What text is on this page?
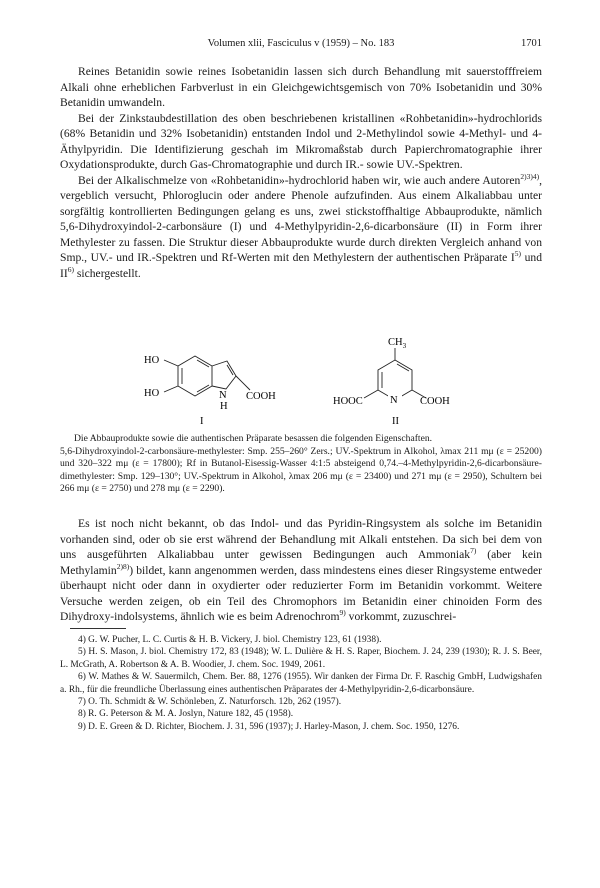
Volumen xlii, Fasciculus v (1959) – No. 183	1701

Reines Betanidin sowie reines Isobetanidin lassen sich durch Behandlung mit sauerstofffreiem Alkali ohne erheblichen Farbverlust in ein Gleichgewichtsgemisch von 70% Isobetanidin und 30% Betanidin umwandeln.

Bei der Zinkstaubdestillation des oben beschriebenen kristallinen «Rohbetanidin»-hydrochlorids (68% Betanidin und 32% Isobetanidin) entstanden Indol und 2-Methylindol sowie 4-Methyl- und 4-Äthylpyridin. Die Identifizierung geschah im Mikromaßstab durch Papierchromatographie ihrer Oxydationsprodukte, durch Gas-Chromatographie und durch IR.- sowie UV.-Spektren.

Bei der Alkalischmelze von «Rohbetanidin»-hydrochlorid haben wir, wie auch andere Autoren$^{2)3)4)}$, vergeblich versucht, Phloroglucin oder andere Phenole aufzufinden. Aus einem Alkaliabbau unter sorgfältig kontrollierten Bedingungen gelang es uns, zwei stickstoffhaltige Abbauprodukte, nämlich 5,6-Dihydroxyindol-2-carbonsäure (I) und 4-Methylpyridin-2,6-dicarbonsäure (II) in Form ihrer Methylester zu fassen. Die Struktur dieser Abbauprodukte wurde durch direkten Vergleich anhand von Smp., UV.- und IR.-Spektren und Rf-Werten mit den Methylestern der authentischen Präparate $I^{5)}$ und II$^{6)}$ sichergestellt.

HO
HO	N
H
COOH
I
N
$CH_3$
HOOC	COOH
II

Die Abbauprodukte sowie die authentischen Präparate besassen die folgenden Eigenschaften.

5,6-Dihydroxyindol-2-carbonsäure-methylester: Smp. 255–260° Zers.; UV.-Spektrum in Alkohol, λmax 211 mμ (ε = 25200) und 320–322 mμ (ε = 17800); Rf in Butanol-Eisessig-Wasser 4:1:5 absteigend 0,74.–4-Methylpyridin-2,6-dicarbonsäure-dimethylester: Smp. 129–130°; UV.-Spektrum in Alkohol, λmax 206 mμ (ε = 23400) und 271 mμ (ε = 2950), Schultern bei 266 mμ (ε = 2750) und 278 mμ (ε = 2290).

Es ist noch nicht bekannt, ob das Indol- und das Pyridin-Ringsystem als solche im Betanidin vorhanden sind, oder ob sie erst während der Behandlung mit Alkali entstehen. Da sich bei dem von uns ausgeführten Alkaliabbau unter gewissen Bedingungen auch Ammoniak$^{7)}$ (aber kein Methylamin$^{2)8)}$) bildet, kann angenommen werden, dass mindestens eines dieser Ringsysteme entweder überhaupt nicht oder dann in oxydierter oder reduzierter Form im Betanidin vorkommt. Weitere Versuche werden zeigen, ob ein Teil des Chromophors im Betanidin einer chinoiden Form des Dihydroxy-indolsystems, ähnlich wie es beim Adrenochrom$^{9)}$ vorkommt, zuzuschrei-

4) G. W. Pucher, L. C. Curtis & H. B. Vickery, J. biol. Chemistry 123, 61 (1938).

5) H. S. Mason, J. biol. Chemistry 172, 83 (1948); W. L. Dulière & H. S. Raper, Biochem. J. 24, 239 (1930); R. J. S. Beer, L. McGrath, A. Robertson & A. B. Woodier, J. chem. Soc. 1949, 2061.

6) W. Mathes & W. Sauermilch, Chem. Ber. 88, 1276 (1955). Wir danken der Firma Dr. F. Raschig GmbH, Ludwigshafen a. Rh., für die freundliche Überlassung eines authentischen Präparates der 4-Methylpyridin-2,6-dicarbonsäure.

7) O. Th. Schmidt & W. Schönleben, Z. Naturforsch. 12b, 262 (1957).

8) R. G. Peterson & M. A. Joslyn, Nature 182, 45 (1958).

9) D. E. Green & D. Richter, Biochem. J. 31, 596 (1937); J. Harley-Mason, J. chem. Soc. 1950, 1276.
